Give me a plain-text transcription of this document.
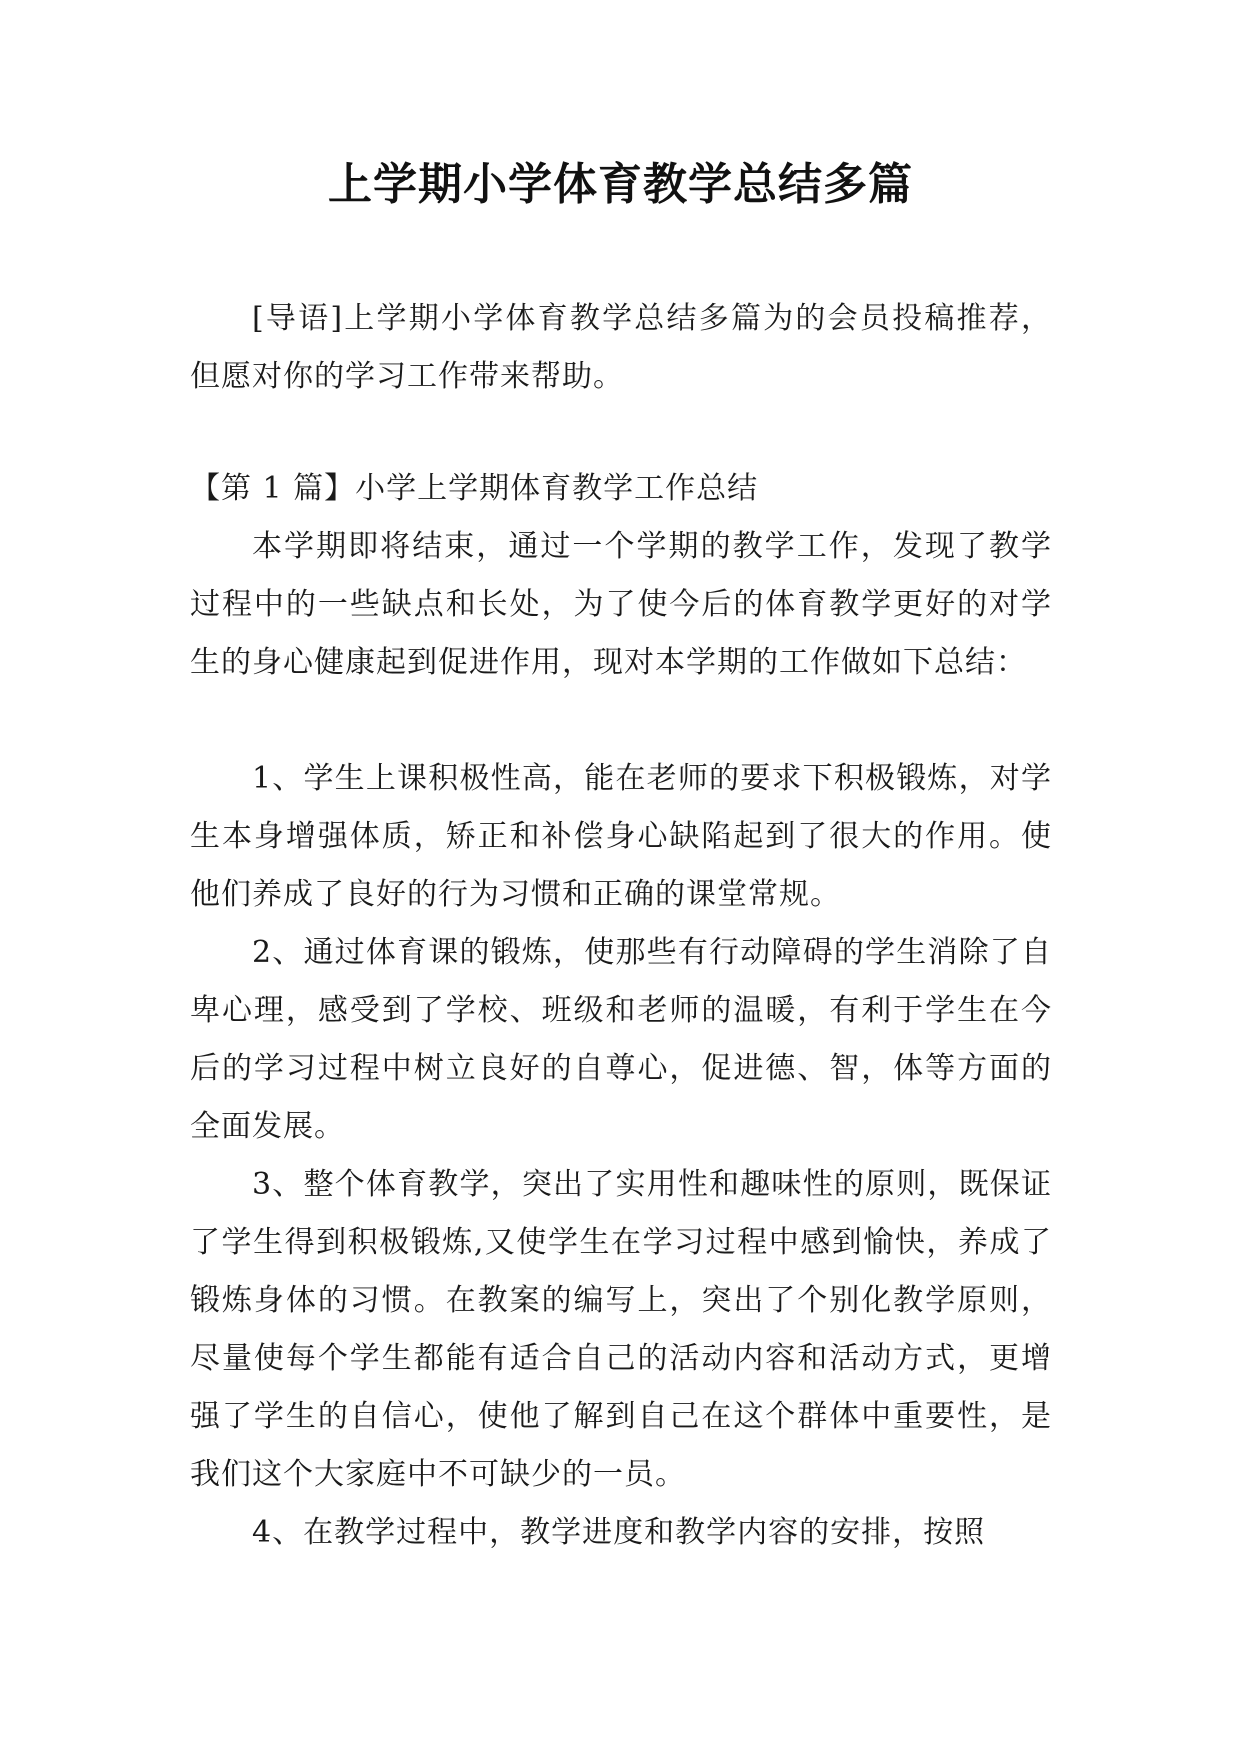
上学期小学体育教学总结多篇

[导语]上学期小学体育教学总结多篇为的会员投稿推荐，但愿对你的学习工作带来帮助。

【第 1 篇】小学上学期体育教学工作总结

本学期即将结束，通过一个学期的教学工作，发现了教学过程中的一些缺点和长处，为了使今后的体育教学更好的对学生的身心健康起到促进作用，现对本学期的工作做如下总结：

1、学生上课积极性高，能在老师的要求下积极锻炼，对学生本身增强体质，矫正和补偿身心缺陷起到了很大的作用。使他们养成了良好的行为习惯和正确的课堂常规。

2、通过体育课的锻炼，使那些有行动障碍的学生消除了自卑心理，感受到了学校、班级和老师的温暖，有利于学生在今后的学习过程中树立良好的自尊心，促进德、智，体等方面的全面发展。

3、整个体育教学，突出了实用性和趣味性的原则，既保证了学生得到积极锻炼,又使学生在学习过程中感到愉快，养成了锻炼身体的习惯。在教案的编写上，突出了个别化教学原则，尽量使每个学生都能有适合自己的活动内容和活动方式，更增强了学生的自信心，使他了解到自己在这个群体中重要性，是我们这个大家庭中不可缺少的一员。

4、在教学过程中，教学进度和教学内容的安排，按照
